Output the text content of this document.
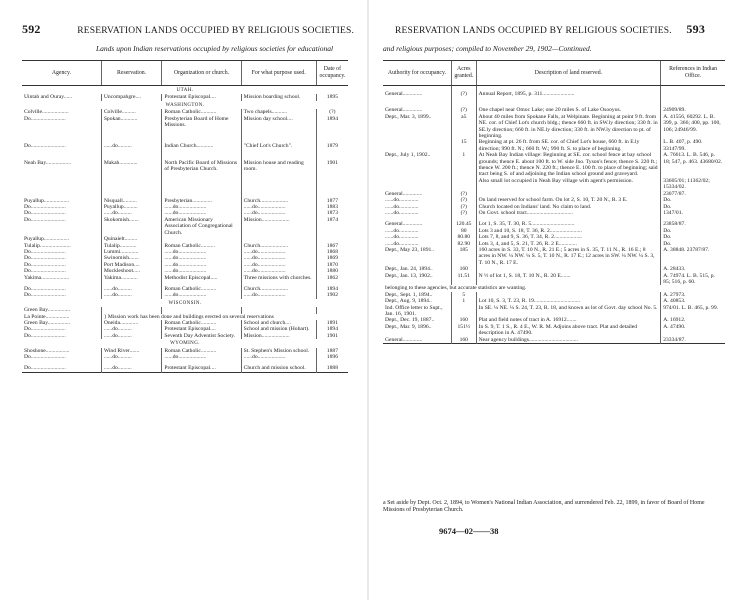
592	RESERVATION LANDS OCCUPIED BY RELIGIOUS SOCIETIES.
Lands upon Indian reservations occupied by religious societies for educational
Agency.	Reservation.	Organization or church.	For what purpose used.	Date of occupancy.
UTAH.				
Uintah and Ouray......	Uncompahgre....	Protestant Episcopal....	Mission boarding school.	1895
WASHINGTON.				
Colville...................	Colville..........	Roman Catholic...........	Two chapels...........	(?)
Do.........................	Spokan............	Presbyterian Board of Home Missions.	Mission day school....	1894

Do.........................	......do..........	Indian Church............	"Chief Lot's Church".	1879

Neah Bay..................	Makah.............	North Pacific Board of Missions of Presbyterian Church.	Mission house and reading room.	1901

Puyallup..................	Nisquall..........	Presbyterian..............	Church....................	1877
Do.........................	Puyallup..........	......do....................	......do....................	1883
Do.........................	......do..........	......do....................	......do....................	1873
Do.........................	Skokomish.......	American Missionary Association of Congregational Church.	Mission....................	1874
Puyallup..................	Quinaielt.........			
Tulalip......................	Tulalip............	Roman Catholic..........	Church....................	1867
Do.........................	Lummi.............	......do....................	......do....................	1868
Do.........................	Swinomish.......	......do....................	......do....................	1869
Do.........................	Port Madison....	......do....................	......do....................	1870
Do.........................	Muckleshoot.....	......do....................	......do....................	1880
Yakima....................	Yakima............	Methodist Episcopal.....	Three missions with churches.	1862

Do.........................	......do..........	Roman Catholic...........	Church....................	1894
Do.........................	......do..........	......do....................	......do....................	1902
WISCONSIN.				
Green Bay................				
La Pointe.................	} Mission work has been done and buildings erected on several reservations			
Green Bay................	Oneida.............	Roman Catholic...........	School and church....	1891
Do.........................	......do..........	Protestant Episcopal....	School and mission (Hobart).	1894
Do.........................	......do..........	Seventh Day Adventist Society.	Mission....................	1901
WYOMING.				
Shoshone.................	Wind River.......	Roman Catholic...........	St. Stephen's Mission school.	1887
Do.........................	......do..........	......do....................	......do....................	1896

Do.........................	......do..........	Protestant Episcopal....	Church and mission school.	1888

RESERVATION LANDS OCCUPIED BY RELIGIOUS SOCIETIES. 593
and religious purposes; compiled to November 29, 1902—Continued.
Authority for occupancy.	Acres granted.	Description of land reserved.	References in Indian Office.

General..............	(?)	Annual Report, 1895, p. 311.......................	

General..............	(?)	One chapel near Omoc Lake; one 20 miles S. of Lake Osooyus.	24909/89.
Dept., Mar. 3, 1899..	a5	About 40 miles from Spokane Falls, at Welpinate. Beginning at point 9 ft. from NE. cor. of Chief Lot's church bldg.; thence 660 ft. in SW.ly direction; 330 ft. in SE.ly direction; 660 ft. in NE.ly direction; 330 ft. in NW.ly direction to pt. of beginning.	A. 41556, 60292. L. B. 399, p. 366; 400, pp. 100, 106; 24946/99.
	15	Beginning at pt. 26 ft. from SE. cor. of Chief Lot's house, 660 ft. in E.ly direction; 990 ft. N.; 660 ft. W.; 990 ft. S. to place of beginning.	L. B. 407, p. 490. 33147/99.
Dept., July 1, 1902..	1	At Neah Bay Indian village: Beginning at SE. cor. school fence at bay school grounds; thence E. about 100 ft. to W. side Jno. Tyson's fence; thence S. 220 ft.; thence W. 200 ft.; thence N. 220 ft.; thence E. 100 ft. to place of beginning; said tract being S. of and adjoining the Indian school ground and graveyard.	A. 76613. L. B. 546, p. 18; 547, p. 463. 43680/02.
		Also small lot occupied in Neah Bay village with agent's permission.	33605/01; 11362/02; 15334/02.
General..............	(?)		23077/87.
......do..............	(?)	On land reserved for school farm. On lot 2, S. 10, T. 20 N., R. 3 E.	Do.
......do..............	(?)	Church located on Indians' land. No claim to land.	Do.
......do..............	(?)	On Govt. school tract.................................	1347/01.

General..............	120.45	Lot 1, S. 35, T. 30, R. 5...............................	23858/87.
......do..............	80	Lots 3 and 10, S. 18, T. 36, R. 2.......................	Do.
......do..............	80.80	Lots 7, 8, and 9, S. 36, T. 34, R. 2....................	Do.
......do..............	82.90	Lots 3, 4, and 5, S. 21, T. 26, R. 2 E.............	Do.
Dept., May 23, 1891..	185	160 acres in S. 33, T. 10 N., R. 21 E.; 5 acres in S. 35, T. 11 N., R. 16 E.; 8 acres in NW. ¼ NW. ¼ S. 5, T. 10 N., R. 17 E.; 12 acres in SW. ¼ NW. ¼ S. 3, T. 10 N., R. 17 E.	A. 38848. 23787/87.
Dept., Jan. 24, 1894..	160		A. 28433.
Dept., Jan. 13, 1902..	11.51	N ½ of lot 1, S. 18, T. 10 N., R. 20 E.......	A. 74974. L. B. 515, p. 85; 516, p. 60.
belonging to these agencies, but accurate statistics are wanting.			
Dept., Sept. 1, 1894..	5		A. 27973.
Dept., Aug. 9, 1894..	1	Lot 10, S. 3, T. 23, R. 19.................................	A. 40853.
Ind. Office letter to Supt., Jan. 16, 1901.		In SE. ¼ NE. ¼ S. 24, T. 23, R. 18, and known as lot of Govt. day school No. 5.	974/01. L. B. 465, p. 99.
Dept., Dec. 19, 1887..	160	Plat and field notes of tract in A. 16912.......	A. 16912.
Dept., Mar. 9, 1896..	151½	In S. 9, T. 1 S., R. 4 E., W. R. M. Adjoins above tract. Plat and detailed description in A. 47490.	A. 47490.
General..............	160	Near agency buildings...................................	23334/87.

a Set aside by Dept. Oct. 2, 1894, to Women's National Indian Association, and surrendered Feb. 22, 1899, in favor of Board of Home Missions of Presbyterian Church.
9674—02——38
